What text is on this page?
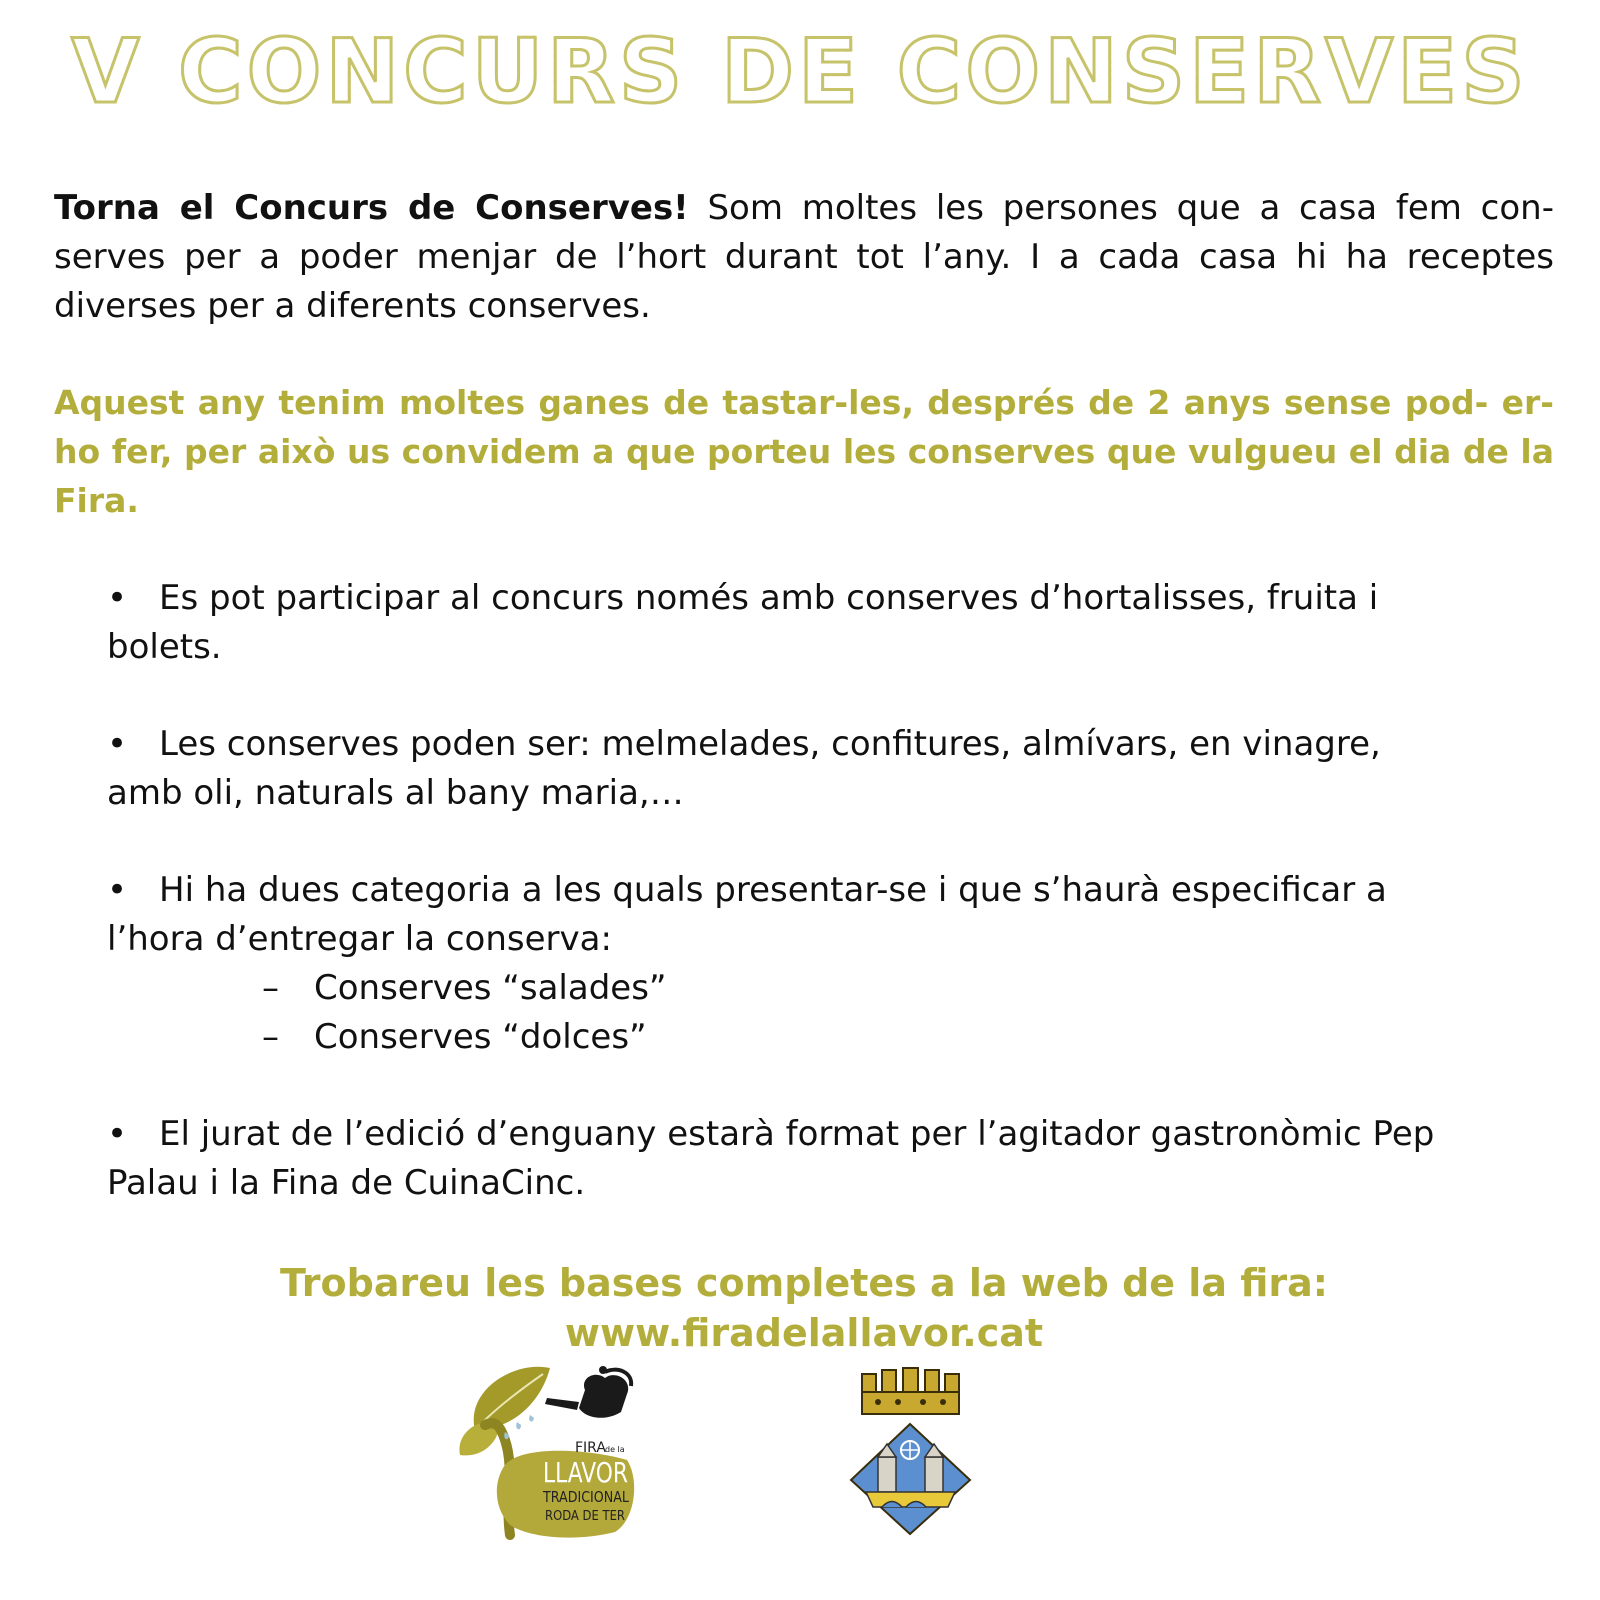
V CONCURS DE CONSERVES

Torna el Concurs de Conserves! Som moltes les persones que a casa fem con- serves per a poder menjar de l’hort durant tot l’any. I a cada casa hi ha receptes diverses per a diferents conserves.

Aquest any tenim moltes ganes de tastar-les, després de 2 anys sense pod- er-ho fer, per això us convidem a que porteu les conserves que vulgueu el dia de la Fira.

• Es pot participar al concurs només amb conserves d’hortalisses, fruita i bolets.

• Les conserves poden ser: melmelades, confitures, almívars, en vinagre, amb oli, naturals al bany maria,…

• Hi ha dues categoria a les quals presentar-se i que s’haurà especificar a l’hora d’entregar la conserva:

– Conserves “salades”
– Conserves “dolces”

• El jurat de l’edició d’enguany estarà format per l’agitador gastronòmic Pep Palau i la Fina de CuinaCinc.

Trobareu les bases completes a la web de la fira: www.firadelallavor.cat
FIRA de la
LLAVOR
TRADICIONAL
RODA DE TER
